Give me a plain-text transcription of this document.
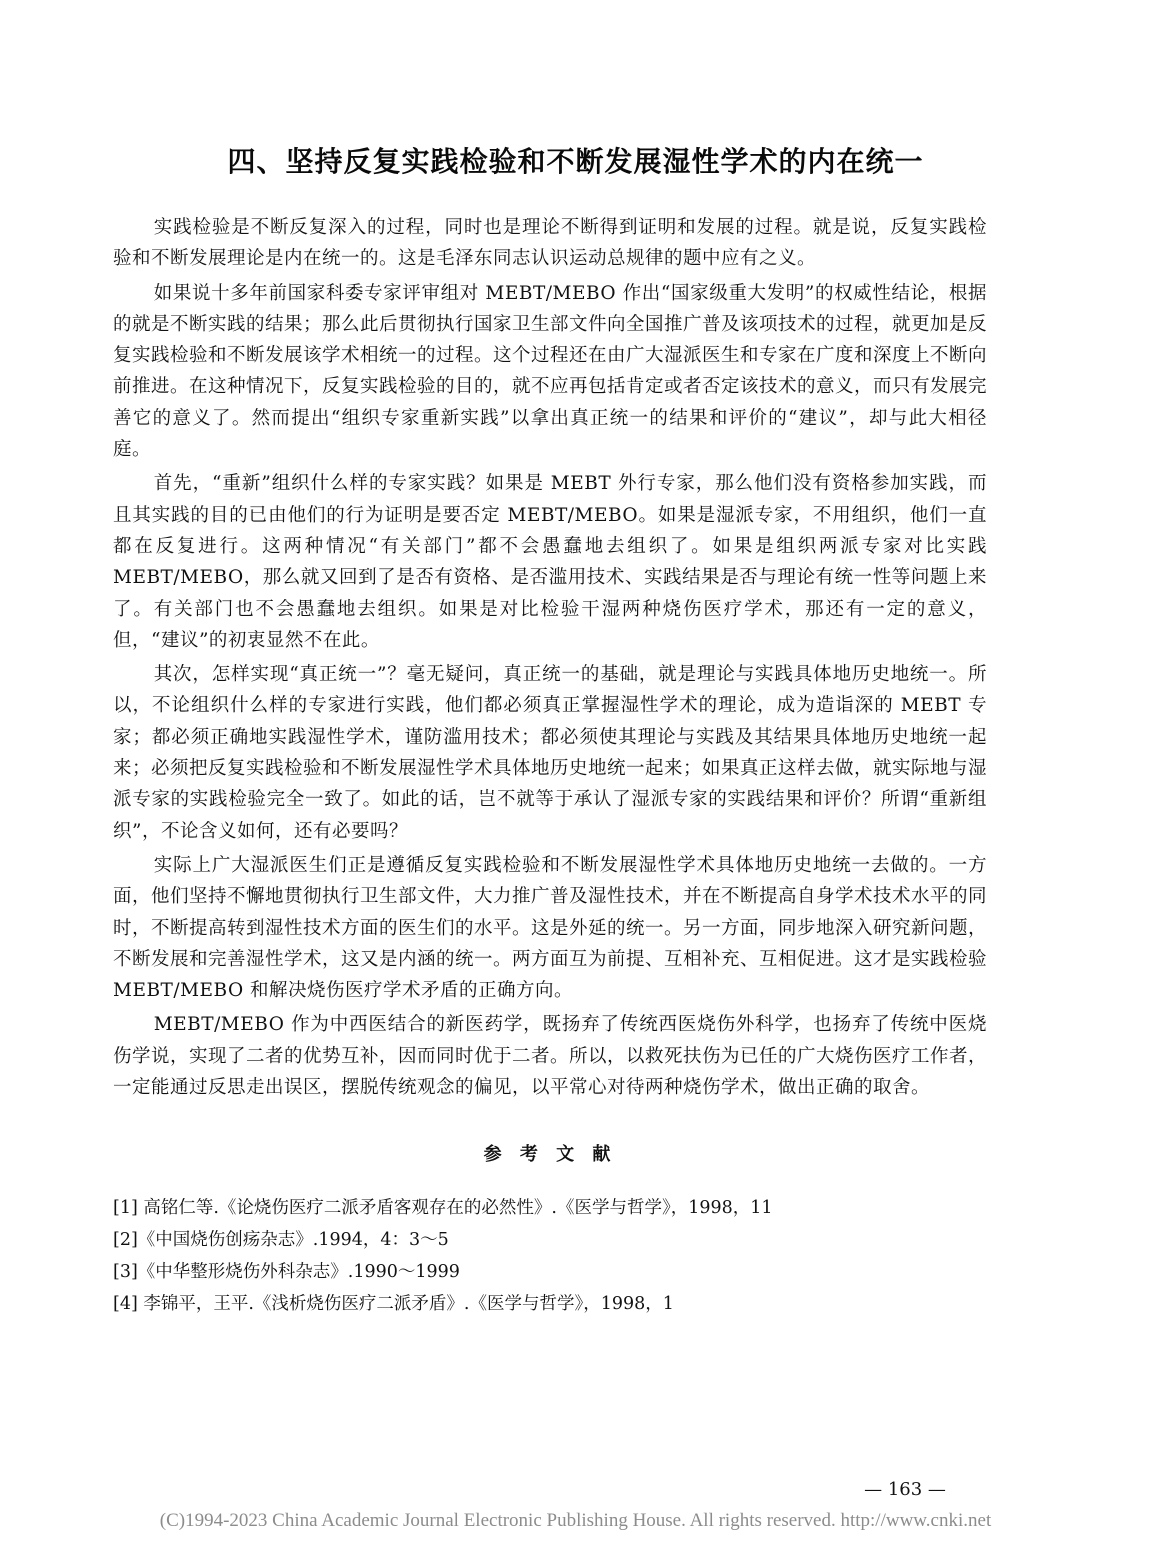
四、坚持反复实践检验和不断发展湿性学术的内在统一

实践检验是不断反复深入的过程，同时也是理论不断得到证明和发展的过程。就是说，反复实践检验和不断发展理论是内在统一的。这是毛泽东同志认识运动总规律的题中应有之义。

如果说十多年前国家科委专家评审组对 MEBT/MEBO 作出“国家级重大发明”的权威性结论，根据的就是不断实践的结果；那么此后贯彻执行国家卫生部文件向全国推广普及该项技术的过程，就更加是反复实践检验和不断发展该学术相统一的过程。这个过程还在由广大湿派医生和专家在广度和深度上不断向前推进。在这种情况下，反复实践检验的目的，就不应再包括肯定或者否定该技术的意义，而只有发展完善它的意义了。然而提出“组织专家重新实践”以拿出真正统一的结果和评价的“建议”，却与此大相径庭。

首先，“重新”组织什么样的专家实践？如果是 MEBT 外行专家，那么他们没有资格参加实践，而且其实践的目的已由他们的行为证明是要否定 MEBT/MEBO。如果是湿派专家，不用组织，他们一直都在反复进行。这两种情况“有关部门”都不会愚蠢地去组织了。如果是组织两派专家对比实践 MEBT/MEBO，那么就又回到了是否有资格、是否滥用技术、实践结果是否与理论有统一性等问题上来了。有关部门也不会愚蠢地去组织。如果是对比检验干湿两种烧伤医疗学术，那还有一定的意义，但，“建议”的初衷显然不在此。

其次，怎样实现“真正统一”？毫无疑问，真正统一的基础，就是理论与实践具体地历史地统一。所以，不论组织什么样的专家进行实践，他们都必须真正掌握湿性学术的理论，成为造诣深的 MEBT 专家；都必须正确地实践湿性学术，谨防滥用技术；都必须使其理论与实践及其结果具体地历史地统一起来；必须把反复实践检验和不断发展湿性学术具体地历史地统一起来；如果真正这样去做，就实际地与湿派专家的实践检验完全一致了。如此的话，岂不就等于承认了湿派专家的实践结果和评价？所谓“重新组织”，不论含义如何，还有必要吗？

实际上广大湿派医生们正是遵循反复实践检验和不断发展湿性学术具体地历史地统一去做的。一方面，他们坚持不懈地贯彻执行卫生部文件，大力推广普及湿性技术，并在不断提高自身学术技术水平的同时，不断提高转到湿性技术方面的医生们的水平。这是外延的统一。另一方面，同步地深入研究新问题，不断发展和完善湿性学术，这又是内涵的统一。两方面互为前提、互相补充、互相促进。这才是实践检验 MEBT/MEBO 和解决烧伤医疗学术矛盾的正确方向。

MEBT/MEBO 作为中西医结合的新医药学，既扬弃了传统西医烧伤外科学，也扬弃了传统中医烧伤学说，实现了二者的优势互补，因而同时优于二者。所以，以救死扶伤为已任的广大烧伤医疗工作者，一定能通过反思走出误区，摆脱传统观念的偏见，以平常心对待两种烧伤学术，做出正确的取舍。

参 考 文 献
[1] 高铭仁等.《论烧伤医疗二派矛盾客观存在的必然性》.《医学与哲学》，1998，11
[2]《中国烧伤创疡杂志》.1994，4：3～5
[3]《中华整形烧伤外科杂志》.1990～1999
[4] 李锦平，王平.《浅析烧伤医疗二派矛盾》.《医学与哲学》，1998，1
— 163 —
(C)1994-2023 China Academic Journal Electronic Publishing House. All rights reserved. http://www.cnki.net
